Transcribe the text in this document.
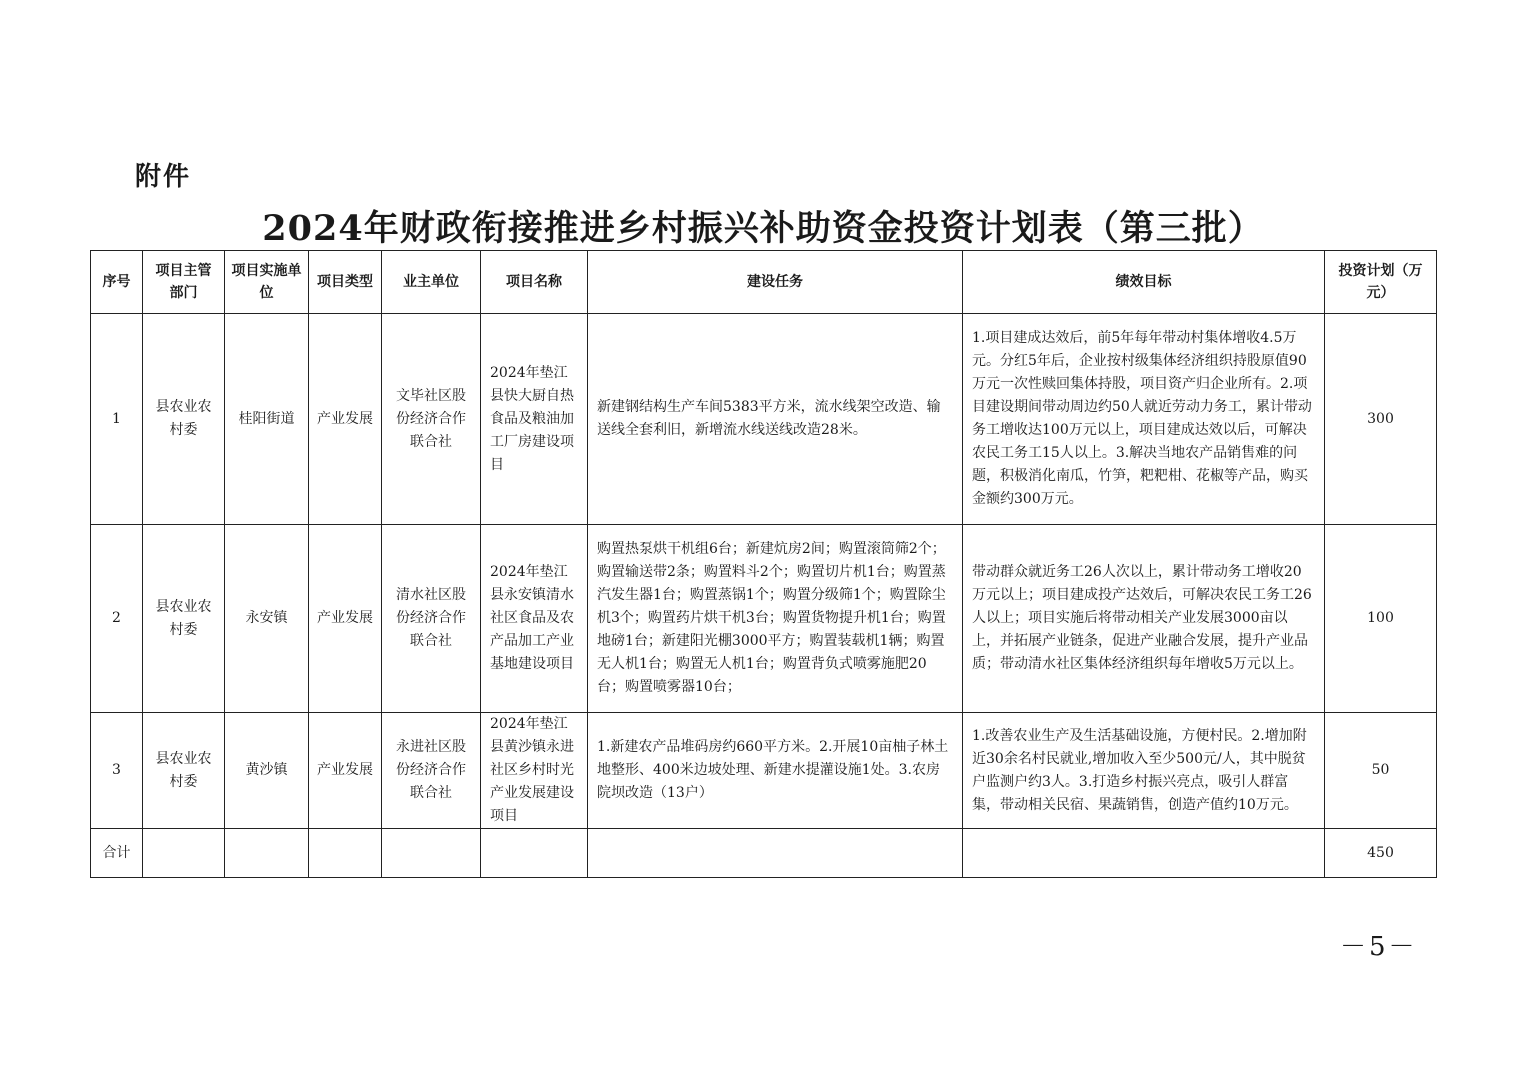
附件
2024年财政衔接推进乡村振兴补助资金投资计划表（第三批）
序号	项目主管部门	项目实施单位	项目类型	业主单位	项目名称	建设任务	绩效目标	投资计划（万元）
1	县农业农村委	桂阳街道	产业发展	文毕社区股份经济合作联合社	2024年垫江县快大厨自热食品及粮油加工厂房建设项目	新建钢结构生产车间5383平方米，流水线架空改造、输送线全套利旧，新增流水线送线改造28米。	1.项目建成达效后，前5年每年带动村集体增收4.5万元。分红5年后，企业按村级集体经济组织持股原值90万元一次性赎回集体持股，项目资产归企业所有。2.项目建设期间带动周边约50人就近劳动力务工，累计带动务工增收达100万元以上，项目建成达效以后，可解决农民工务工15人以上。3.解决当地农产品销售难的问题，积极消化南瓜，竹笋，粑粑柑、花椒等产品，购买金额约300万元。	300
2	县农业农村委	永安镇	产业发展	清水社区股份经济合作联合社	2024年垫江县永安镇清水社区食品及农产品加工产业基地建设项目	购置热泵烘干机组6台；新建炕房2间；购置滚筒筛2个；购置输送带2条；购置料斗2个；购置切片机1台；购置蒸汽发生器1台；购置蒸锅1个；购置分级筛1个；购置除尘机3个；购置药片烘干机3台；购置货物提升机1台；购置地磅1台；新建阳光棚3000平方；购置装载机1辆；购置无人机1台；购置无人机1台；购置背负式喷雾施肥20台；购置喷雾器10台；	带动群众就近务工26人次以上，累计带动务工增收20万元以上；项目建成投产达效后，可解决农民工务工26人以上；项目实施后将带动相关产业发展3000亩以上，并拓展产业链条，促进产业融合发展，提升产业品质；带动清水社区集体经济组织每年增收5万元以上。	100
3	县农业农村委	黄沙镇	产业发展	永进社区股份经济合作联合社	2024年垫江县黄沙镇永进社区乡村时光产业发展建设项目	1.新建农产品堆码房约660平方米。2.开展10亩柚子林土地整形、400米边坡处理、新建水提灌设施1处。3.农房院坝改造（13户）	1.改善农业生产及生活基础设施，方便村民。2.增加附近30余名村民就业,增加收入至少500元/人，其中脱贫户监测户约3人。3.打造乡村振兴亮点，吸引人群富集，带动相关民宿、果蔬销售，创造产值约10万元。	50
合计								450
－5－
